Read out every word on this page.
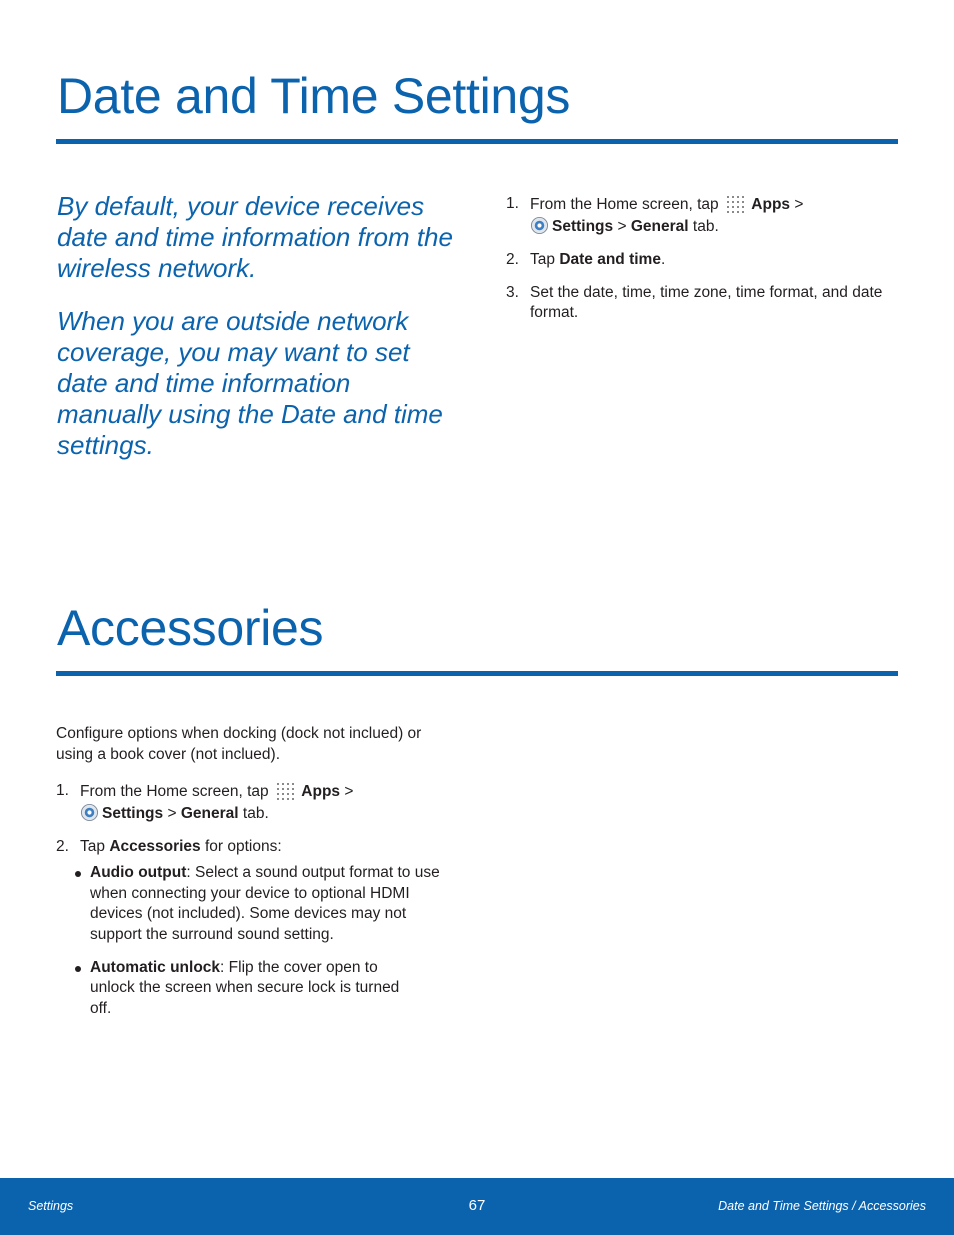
Date and Time Settings

By default, your device receives date and time information from the wireless network.

When you are outside network coverage, you may want to set date and time information manually using the Date and time settings.

1. From the Home screen, tap Apps >
Settings > General tab.
2. Tap Date and time.
3. Set the date, time, time zone, time format, and date format.
Accessories

Configure options when docking (dock not inclued) or using a book cover (not inclued).

1. From the Home screen, tap Apps >
Settings > General tab.
2. Tap Accessories for options:
Audio output: Select a sound output format to use when connecting your device to optional HDMI devices (not included). Some devices may not support the surround sound setting.
Automatic unlock: Flip the cover open to unlock the screen when secure lock is turned off.
Settings	67	Date and Time Settings / Accessories
